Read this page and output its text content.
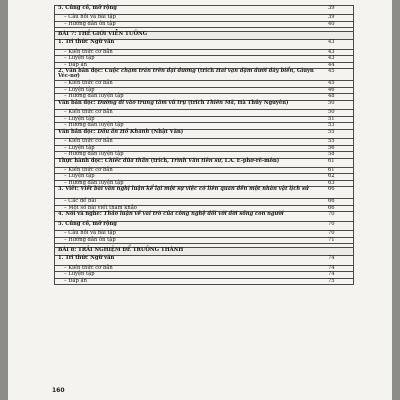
5. Củng cố, mở rộng	39
– Câu hỏi và bài tập	39
– Hướng dẫn ôn tập	40

BÀI 7: THẾ GIỚI VIỄN TƯỞNG	
1. Tri thức Ngữ văn	43
– Kiến thức cơ bản	43
– Luyện tập	43
– Đáp án	44
2. Văn bản đọc: Cuộc chạm trán trên đại dương (trích Hai vạn dặm dưới đáy biển, Giuyn Véc-nơ)	45
– Kiến thức cơ bản	45
– Luyện tập	46
– Hướng dẫn luyện tập	48
Văn bản đọc: Đường đi vào trung tâm vũ trụ (trích Thiên Mã, Hà Thủy Nguyên)	50
– Kiến thức cơ bản	50
– Luyện tập	51
– Hướng dẫn luyện tập	53
Văn bản đọc: Dấu ấn Hồ Khanh (Nhật Văn)	55
– Kiến thức cơ bản	55
– Luyện tập	56
– Hướng dẫn luyện tập	58
Thực hành đọc: Chiếc đũa thần (trích, Trình Văn tiên sư, I.A. E-phơ-rê-môn)	61
– Kiến thức cơ bản	61
– Luyện tập	62
– Hướng dẫn luyện tập	63
3. Viết: Viết bài văn nghị luận kể lại một sự việc có liên quan đến một nhân vật lịch sử	66
– Các đề bài	66
– Một số bài viết tham khảo	66
4. Nói và nghe: Thảo luận về vai trò của công nghệ đối với đời sống con người	70
5. Củng cố, mở rộng	70
– Câu hỏi và bài tập	70
– Hướng dẫn ôn tập	71

BÀI 8: TRẢI NGHIỆM ĐỂ TRƯỞNG THÀNH	
1. Tri thức Ngữ văn	74
– Kiến thức cơ bản	74
– Luyện tập	74
– Đáp án	75
160
